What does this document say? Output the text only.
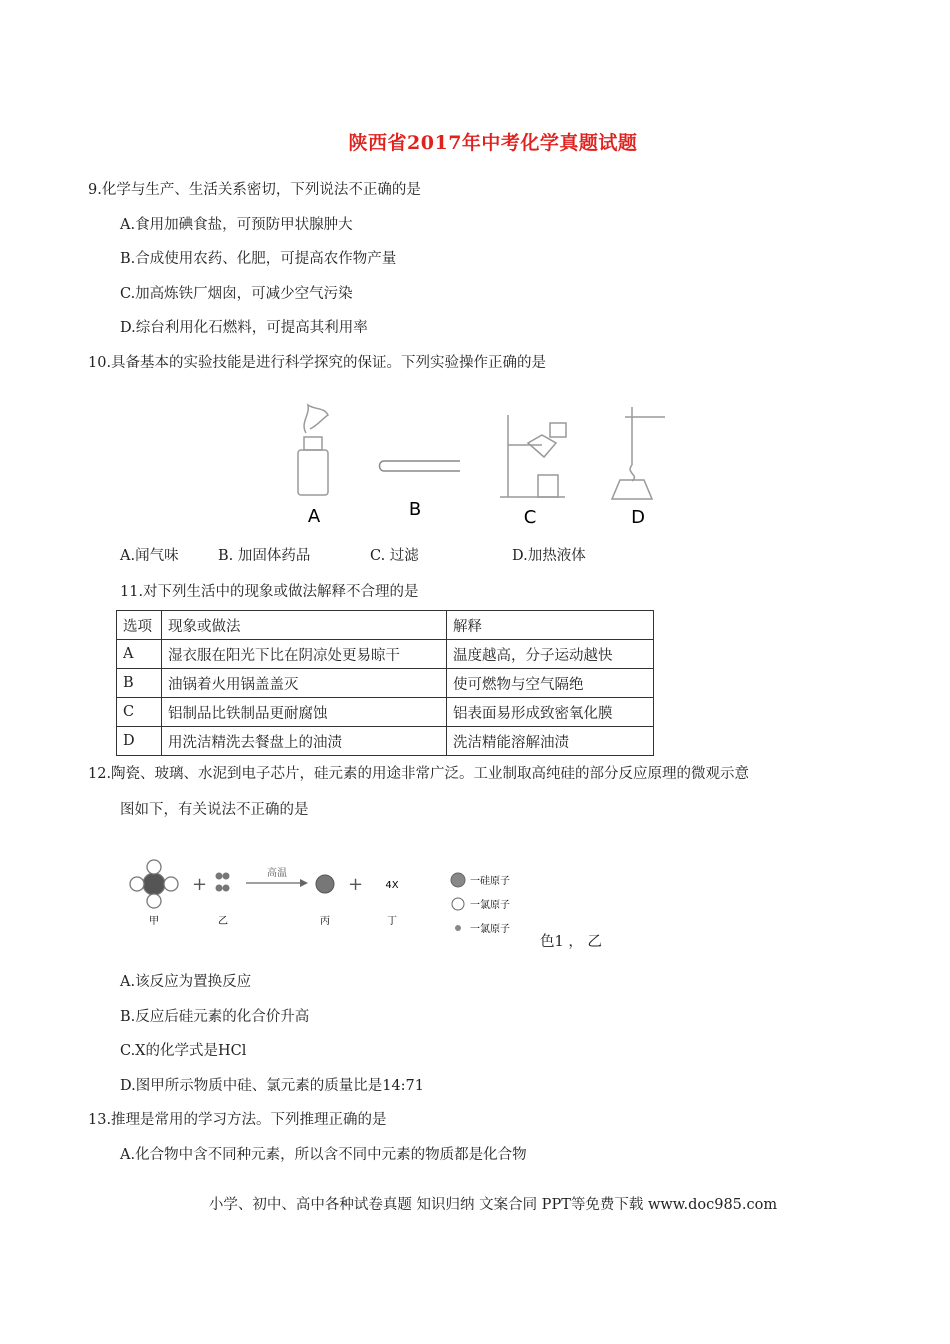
陕西省2017年中考化学真题试题
9.化学与生产、生活关系密切，下列说法不正确的是
A.食用加碘食盐，可预防甲状腺肿大
B.合成使用农药、化肥，可提高农作物产量
C.加高炼铁厂烟囱，可减少空气污染
D.综台利用化石燃料，可提高其利用率
10.具备基本的实验技能是进行科学探究的保证。下列实验操作正确的是
A	B	C	D
A.闻气味	B. 加固体药品	C. 过滤	D.加热液体
11.对下列生活中的现象或做法解释不合理的是
选项	现象或做法	解释
A	湿衣服在阳光下比在阴凉处更易晾干	温度越高，分子运动越快
B	油锅着火用锅盖盖灭	使可燃物与空气隔绝
C	铝制品比铁制品更耐腐蚀	铝表面易形成致密氧化膜
D	用洗洁精洗去餐盘上的油渍	洗洁精能溶解油渍
12.陶瓷、玻璃、水泥到电子芯片，硅元素的用途非常广泛。工业制取高纯硅的部分反应原理的微观示意
图如下，有关说法不正确的是
+
高温
+ 4X
甲	乙	丙	丁
一硅原子
一氯原子
一氯原子
色1 ， 乙
A.该反应为置换反应
B.反应后硅元素的化合价升高
C.X的化学式是HCl
D.图甲所示物质中硅、氯元素的质量比是14:71
13.推理是常用的学习方法。下列推理正确的是
A.化合物中含不同种元素，所以含不同中元素的物质都是化合物
小学、初中、高中各种试卷真题 知识归纳 文案合同 PPT等免费下载 www.doc985.com
